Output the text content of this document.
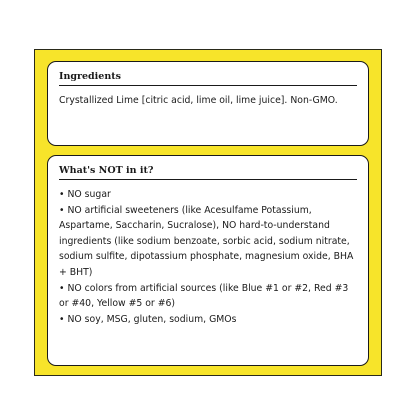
Ingredients

Crystallized Lime [citric acid, lime oil, lime juice]. Non-GMO.

What's NOT in it?
• NO sugar
• NO artificial sweeteners (like Acesulfame Potassium, Aspartame, Saccharin, Sucralose), NO hard-to-understand ingredients (like sodium benzoate, sorbic acid, sodium nitrate, sodium sulfite, dipotassium phosphate, magnesium oxide, BHA + BHT)
• NO colors from artificial sources (like Blue #1 or #2, Red #3 or #40, Yellow #5 or #6)
• NO soy, MSG, gluten, sodium, GMOs
